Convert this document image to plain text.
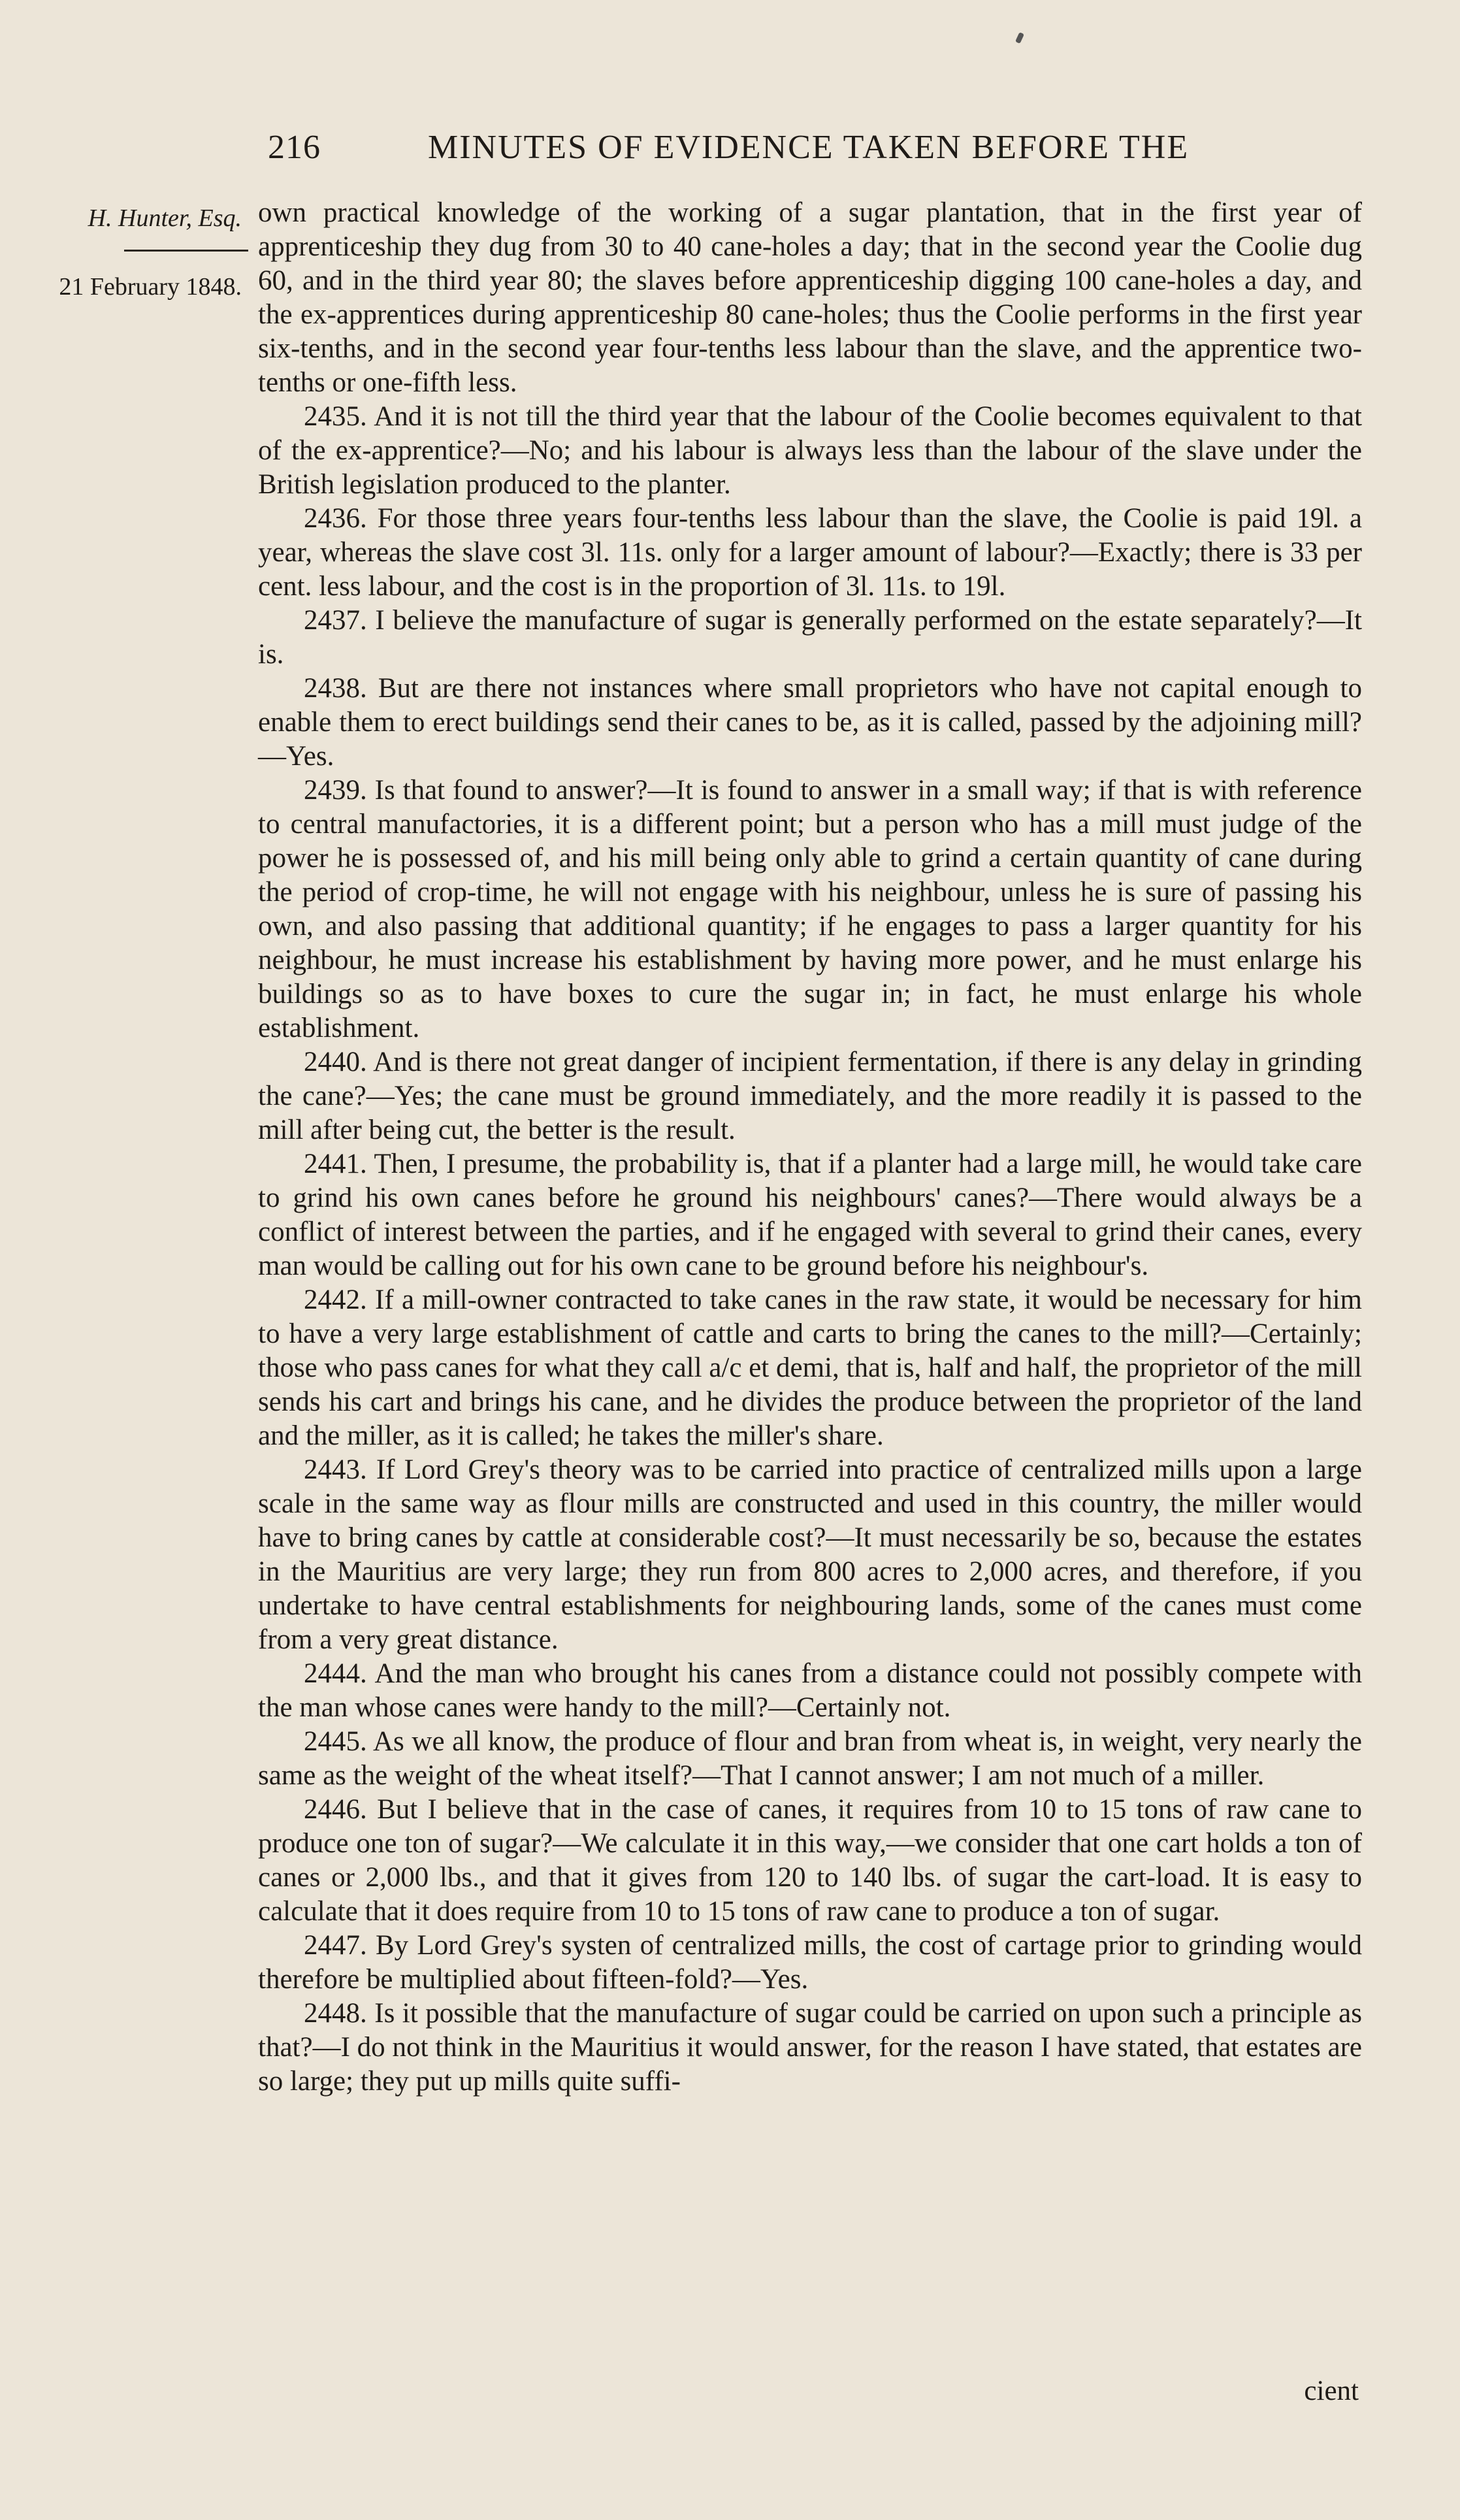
216	MINUTES OF EVIDENCE TAKEN BEFORE THE
H. Hunter, Esq.
21 February 1848.

own practical knowledge of the working of a sugar plantation, that in the first year of apprenticeship they dug from 30 to 40 cane-holes a day; that in the second year the Coolie dug 60, and in the third year 80; the slaves before apprenticeship digging 100 cane-holes a day, and the ex-apprentices during apprenticeship 80 cane-holes; thus the Coolie performs in the first year six-tenths, and in the second year four-tenths less labour than the slave, and the apprentice two-tenths or one-fifth less.

2435. And it is not till the third year that the labour of the Coolie becomes equivalent to that of the ex-apprentice?—No; and his labour is always less than the labour of the slave under the British legislation produced to the planter.

2436. For those three years four-tenths less labour than the slave, the Coolie is paid 19l. a year, whereas the slave cost 3l. 11s. only for a larger amount of labour?—Exactly; there is 33 per cent. less labour, and the cost is in the proportion of 3l. 11s. to 19l.

2437. I believe the manufacture of sugar is generally performed on the estate separately?—It is.

2438. But are there not instances where small proprietors who have not capital enough to enable them to erect buildings send their canes to be, as it is called, passed by the adjoining mill?—Yes.

2439. Is that found to answer?—It is found to answer in a small way; if that is with reference to central manufactories, it is a different point; but a person who has a mill must judge of the power he is possessed of, and his mill being only able to grind a certain quantity of cane during the period of crop-time, he will not engage with his neighbour, unless he is sure of passing his own, and also passing that additional quantity; if he engages to pass a larger quantity for his neighbour, he must increase his establishment by having more power, and he must enlarge his buildings so as to have boxes to cure the sugar in; in fact, he must enlarge his whole establishment.

2440. And is there not great danger of incipient fermentation, if there is any delay in grinding the cane?—Yes; the cane must be ground immediately, and the more readily it is passed to the mill after being cut, the better is the result.

2441. Then, I presume, the probability is, that if a planter had a large mill, he would take care to grind his own canes before he ground his neighbours' canes?—There would always be a conflict of interest between the parties, and if he engaged with several to grind their canes, every man would be calling out for his own cane to be ground before his neighbour's.

2442. If a mill-owner contracted to take canes in the raw state, it would be necessary for him to have a very large establishment of cattle and carts to bring the canes to the mill?—Certainly; those who pass canes for what they call a/c et demi, that is, half and half, the proprietor of the mill sends his cart and brings his cane, and he divides the produce between the proprietor of the land and the miller, as it is called; he takes the miller's share.

2443. If Lord Grey's theory was to be carried into practice of centralized mills upon a large scale in the same way as flour mills are constructed and used in this country, the miller would have to bring canes by cattle at considerable cost?—It must necessarily be so, because the estates in the Mauritius are very large; they run from 800 acres to 2,000 acres, and therefore, if you undertake to have central establishments for neighbouring lands, some of the canes must come from a very great distance.

2444. And the man who brought his canes from a distance could not possibly compete with the man whose canes were handy to the mill?—Certainly not.

2445. As we all know, the produce of flour and bran from wheat is, in weight, very nearly the same as the weight of the wheat itself?—That I cannot answer; I am not much of a miller.

2446. But I believe that in the case of canes, it requires from 10 to 15 tons of raw cane to produce one ton of sugar?—We calculate it in this way,—we consider that one cart holds a ton of canes or 2,000 lbs., and that it gives from 120 to 140 lbs. of sugar the cart-load. It is easy to calculate that it does require from 10 to 15 tons of raw cane to produce a ton of sugar.

2447. By Lord Grey's systen of centralized mills, the cost of cartage prior to grinding would therefore be multiplied about fifteen-fold?—Yes.

2448. Is it possible that the manufacture of sugar could be carried on upon such a principle as that?—I do not think in the Mauritius it would answer, for the reason I have stated, that estates are so large; they put up mills quite suffi-

cient
